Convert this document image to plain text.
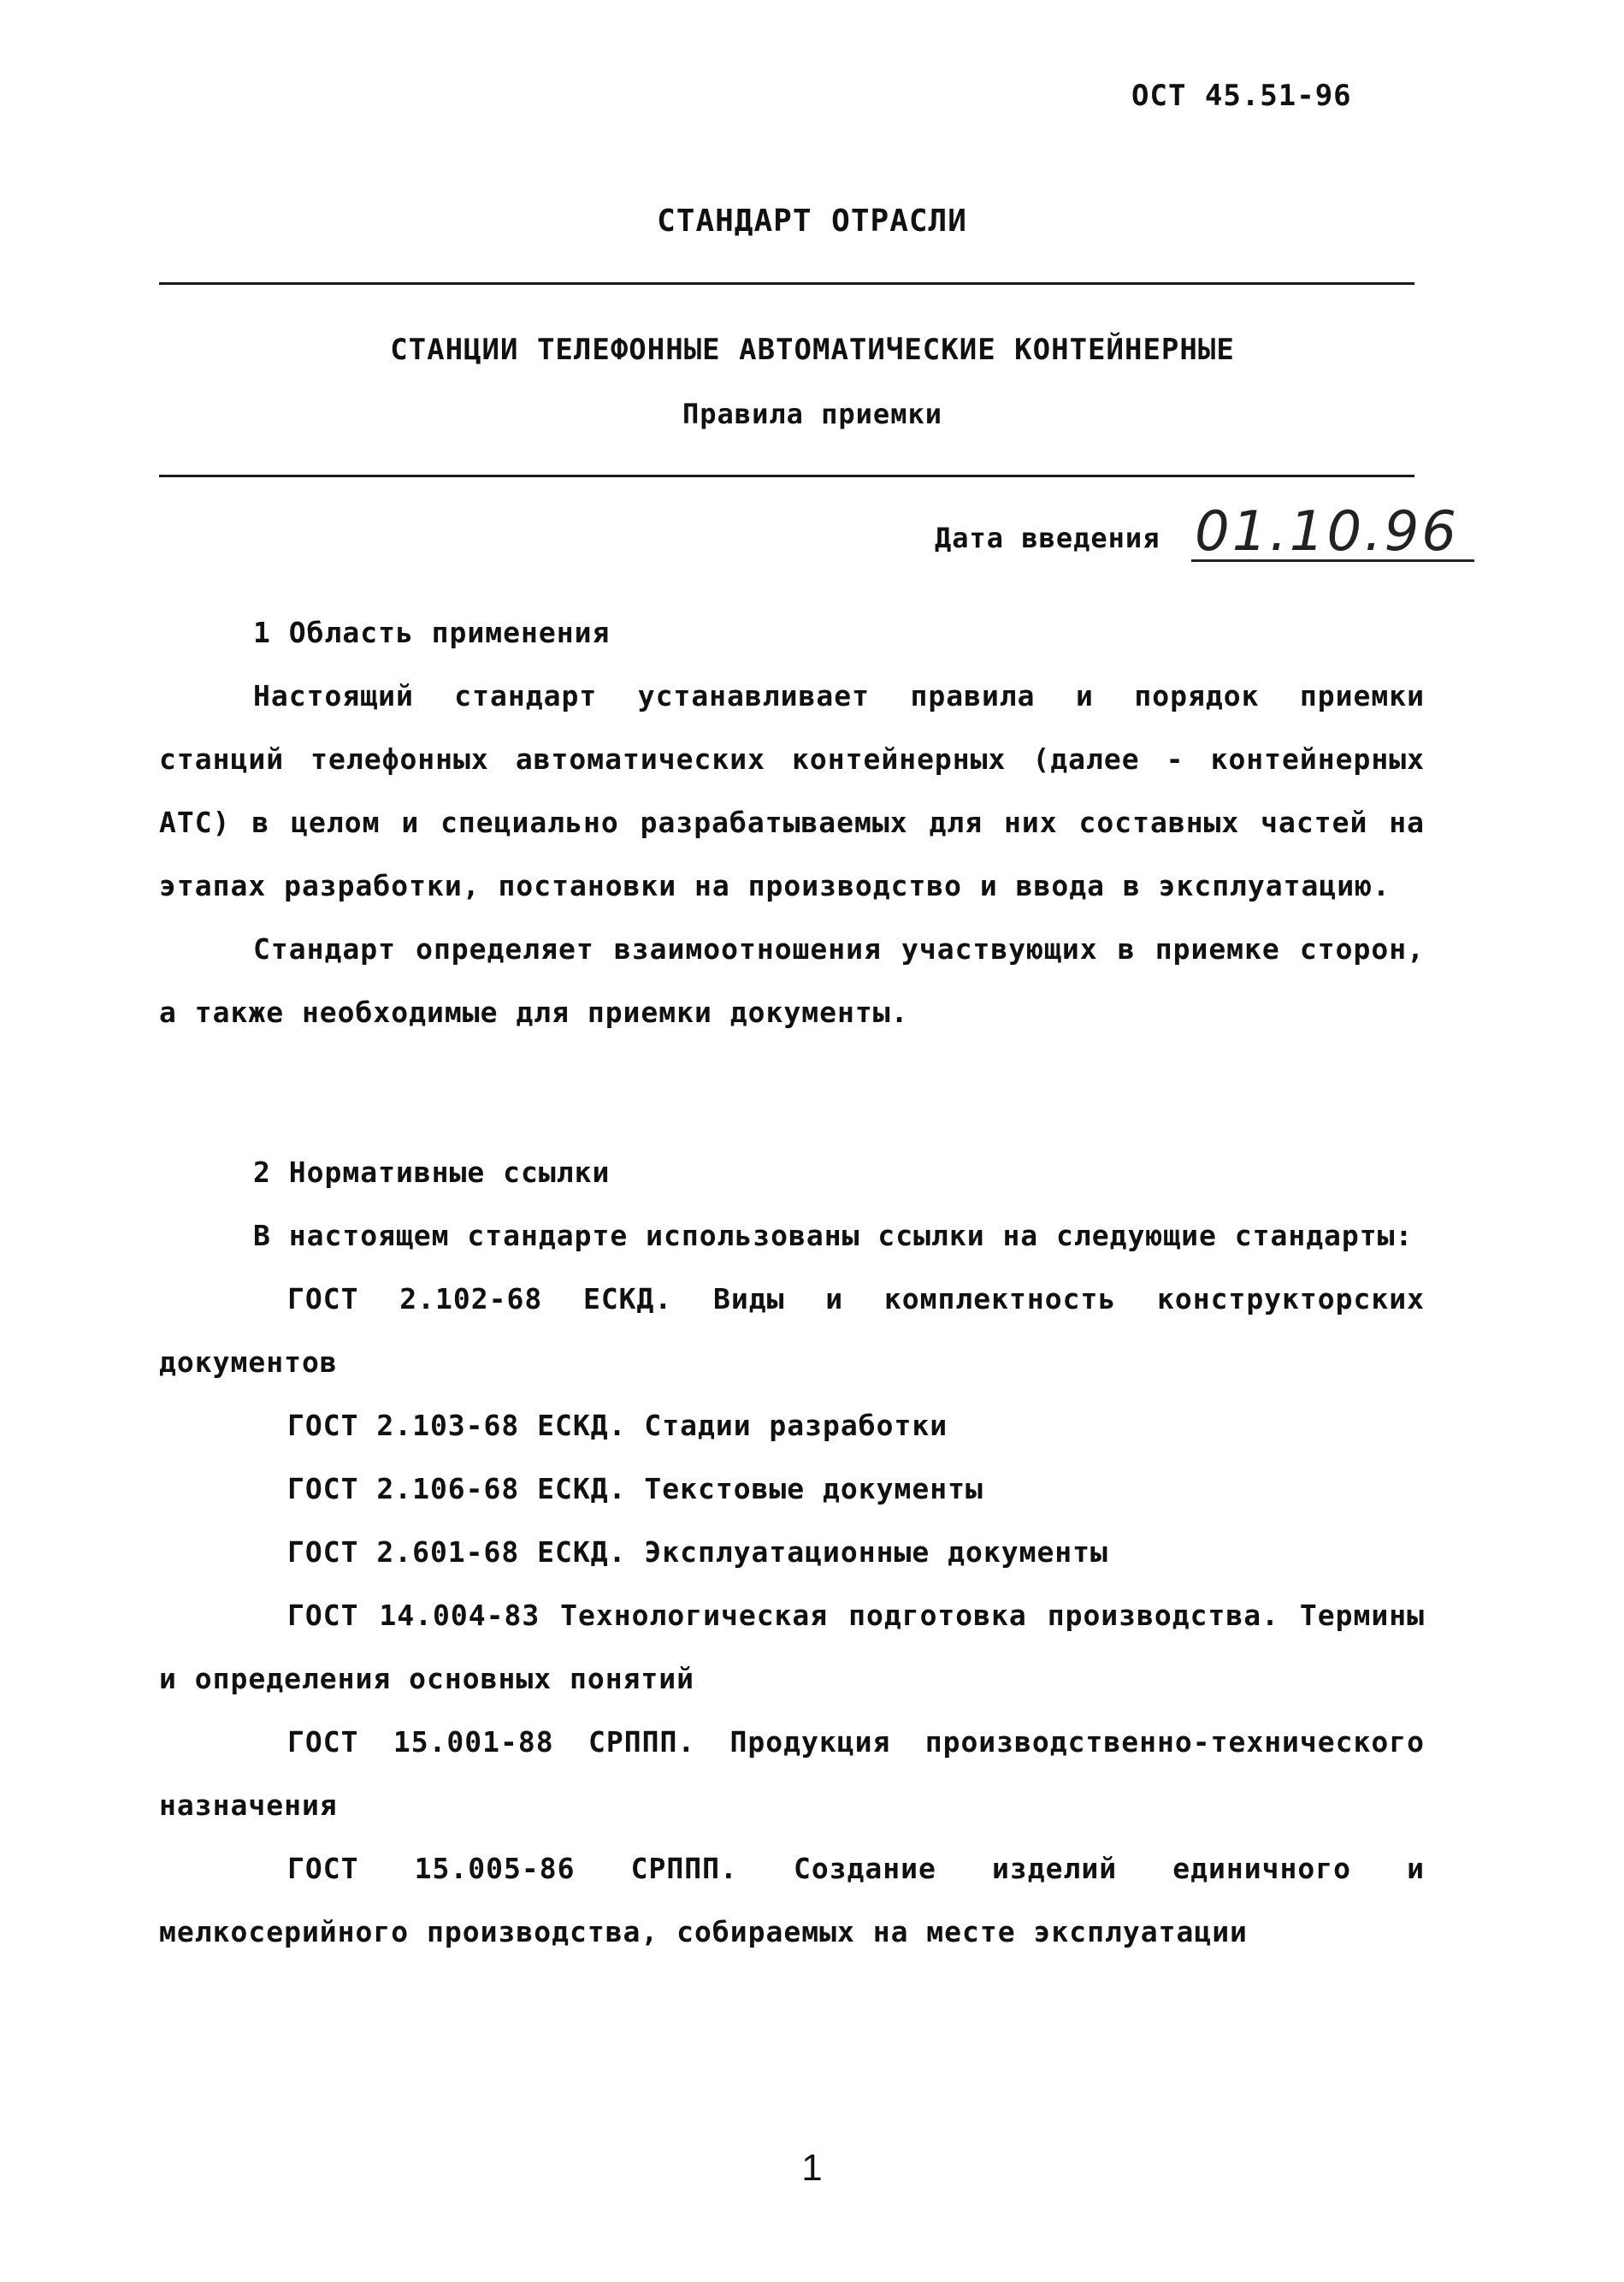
ОСТ 45.51-96
СТАНДАРТ ОТРАСЛИ
СТАНЦИИ ТЕЛЕФОННЫЕ АВТОМАТИЧЕСКИЕ КОНТЕЙНЕРНЫЕ
Правила приемки
Дата введения 01.10.96

1 Область применения

Настоящий стандарт устанавливает правила и порядок приемки станций телефонных автоматических контейнерных (далее - контейнерных АТС) в целом и специально разрабатываемых для них составных частей на этапах разработки, постановки на производство и ввода в эксплуатацию.

Стандарт определяет взаимоотношения участвующих в приемке сторон, а также необходимые для приемки документы.

2 Нормативные ссылки

В настоящем стандарте использованы ссылки на следующие стандарты:

ГОСТ 2.102-68 ЕСКД. Виды и комплектность конструкторских документов

ГОСТ 2.103-68 ЕСКД. Стадии разработки

ГОСТ 2.106-68 ЕСКД. Текстовые документы

ГОСТ 2.601-68 ЕСКД. Эксплуатационные документы

ГОСТ 14.004-83 Технологическая подготовка производства. Термины и определения основных понятий

ГОСТ 15.001-88 СРППП. Продукция производственно-технического назначения

ГОСТ 15.005-86 СРППП. Создание изделий единичного и мелкосерийного производства, собираемых на месте эксплуатации

1
